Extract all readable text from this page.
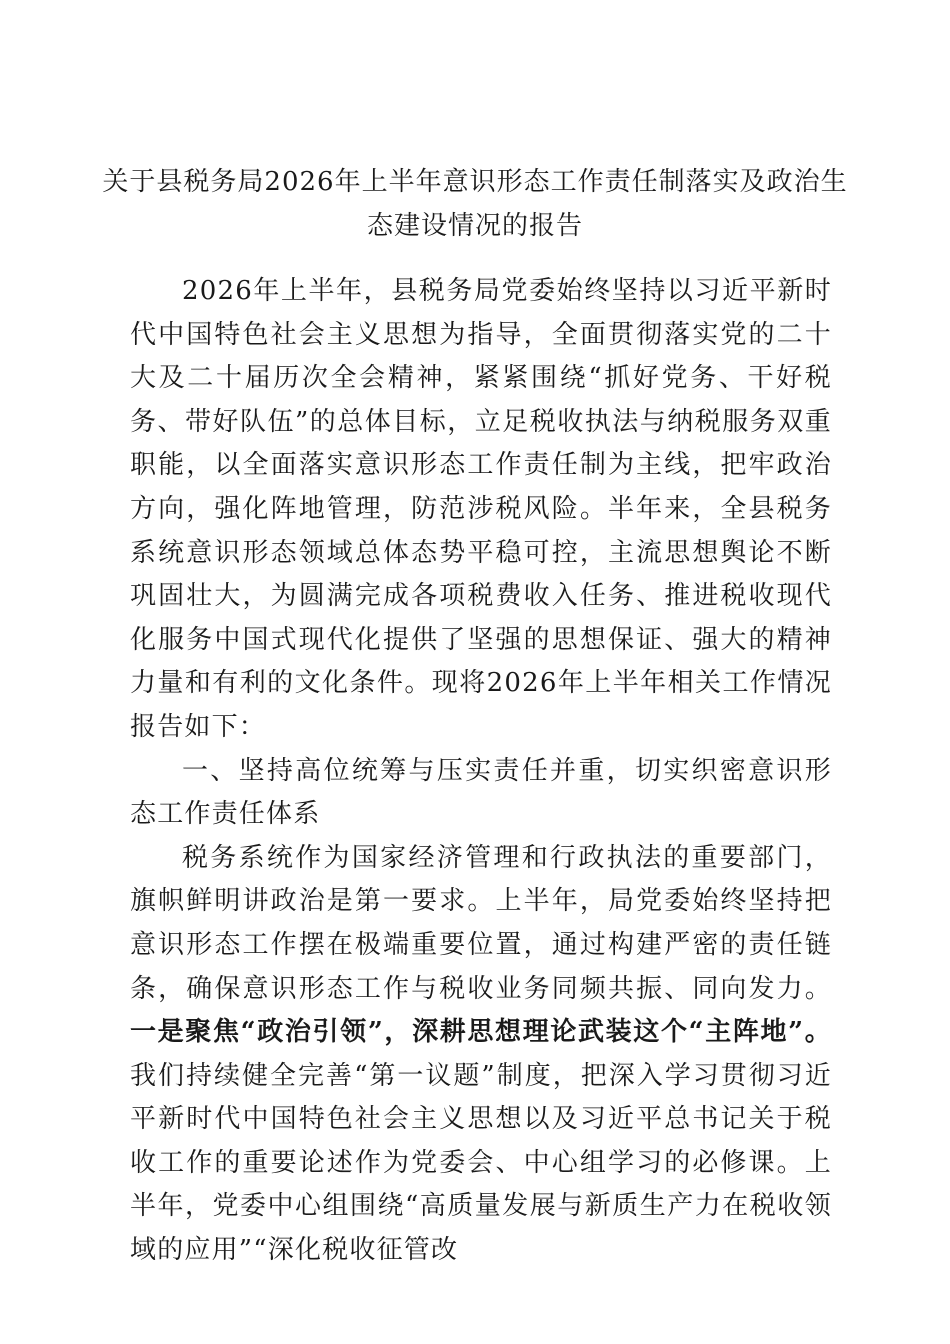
关于县税务局2026年上半年意识形态工作责任制落实及政治生态建设情况的报告

2026年上半年，县税务局党委始终坚持以习近平新时代中国特色社会主义思想为指导，全面贯彻落实党的二十大及二十届历次全会精神，紧紧围绕“抓好党务、干好税务、带好队伍”的总体目标，立足税收执法与纳税服务双重职能，以全面落实意识形态工作责任制为主线，把牢政治方向，强化阵地管理，防范涉税风险。半年来，全县税务系统意识形态领域总体态势平稳可控，主流思想舆论不断巩固壮大，为圆满完成各项税费收入任务、推进税收现代化服务中国式现代化提供了坚强的思想保证、强大的精神力量和有利的文化条件。现将2026年上半年相关工作情况报告如下：

一、坚持高位统筹与压实责任并重，切实织密意识形态工作责任体系

税务系统作为国家经济管理和行政执法的重要部门，旗帜鲜明讲政治是第一要求。上半年，局党委始终坚持把意识形态工作摆在极端重要位置，通过构建严密的责任链条，确保意识形态工作与税收业务同频共振、同向发力。一是聚焦“政治引领”，深耕思想理论武装这个“主阵地”。我们持续健全完善“第一议题”制度，把深入学习贯彻习近平新时代中国特色社会主义思想以及习近平总书记关于税收工作的重要论述作为党委会、中心组学习的必修课。上半年，党委中心组围绕“高质量发展与新质生产力在税收领域的应用”“深化税收征管改
